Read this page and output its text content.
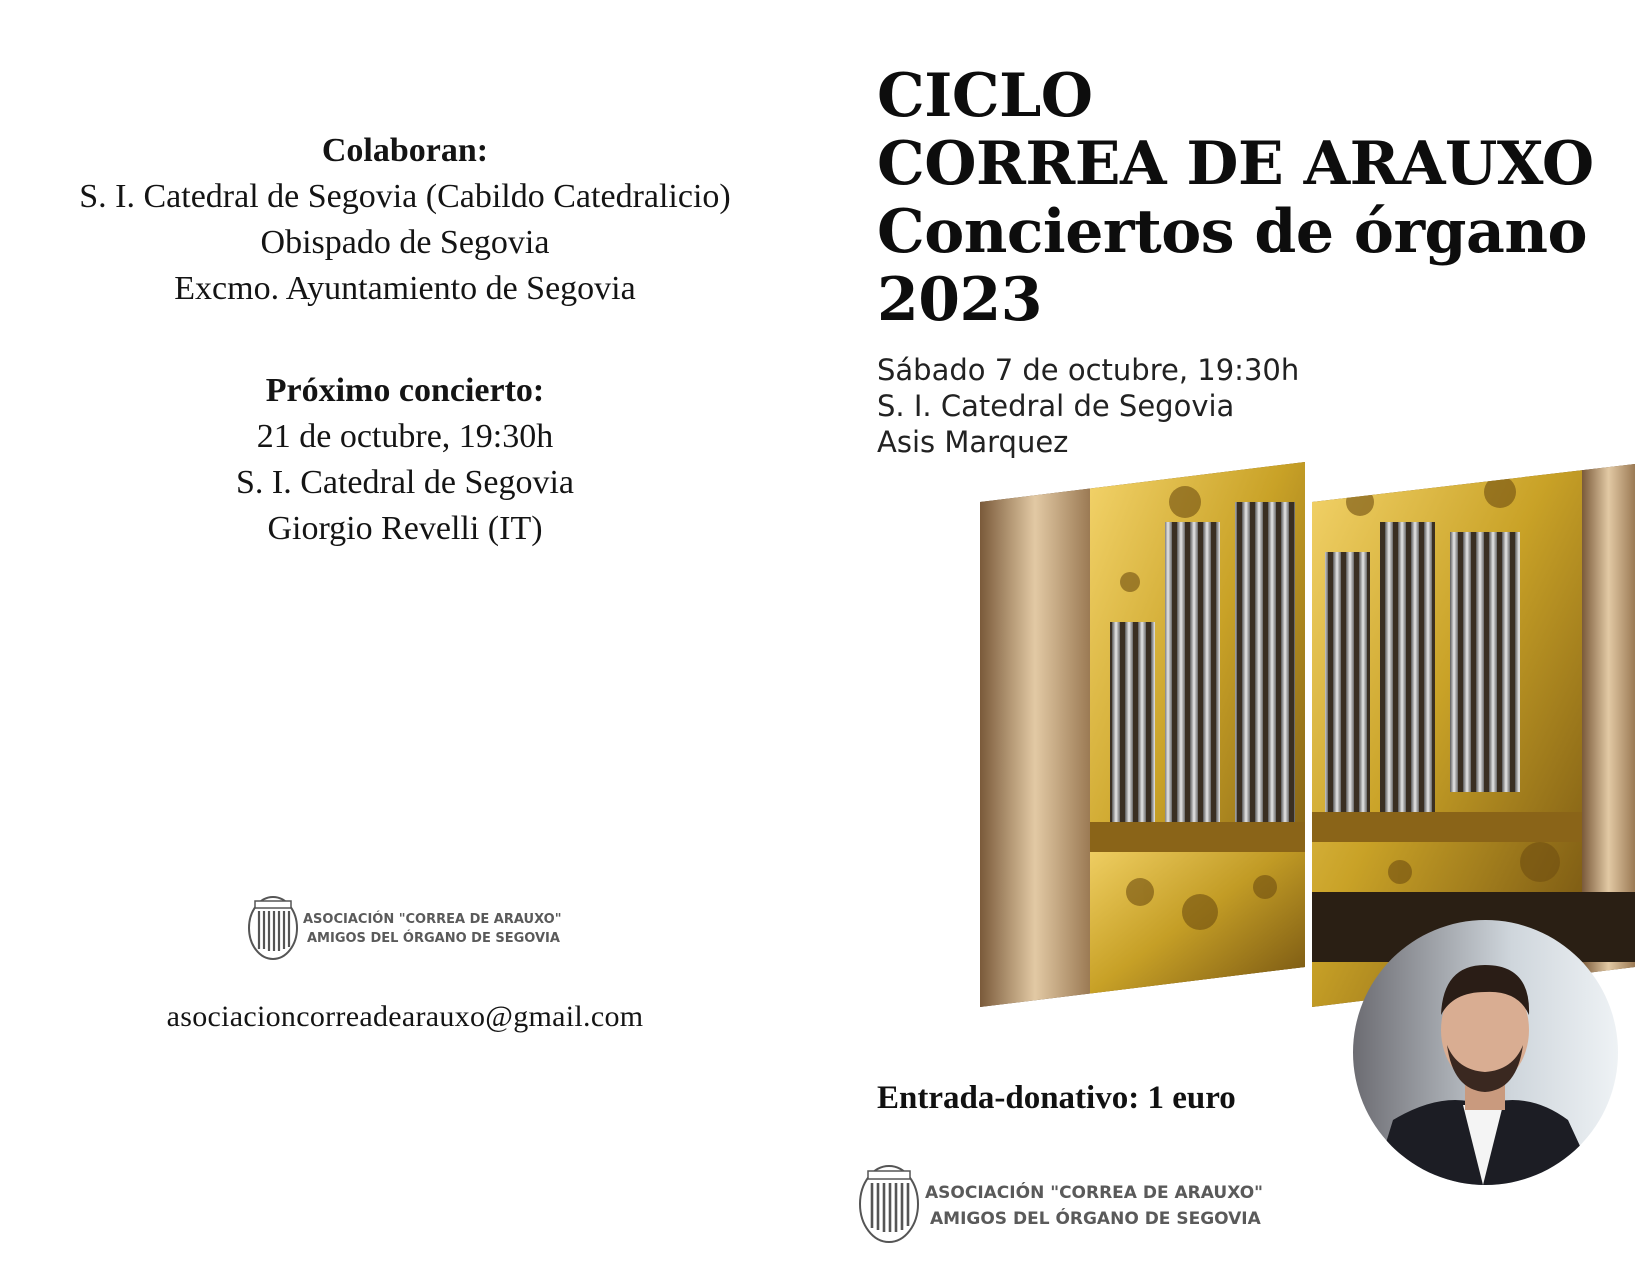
Colaboran:
S. I. Catedral de Segovia (Cabildo Catedralicio)
Obispado de Segovia
Excmo. Ayuntamiento de Segovia
Próximo concierto:
21 de octubre, 19:30h
S. I. Catedral de Segovia
Giorgio Revelli (IT)
ASOCIACIÓN "CORREA DE ARAUXO"
AMIGOS DEL ÓRGANO DE SEGOVIA
asociacioncorreadearauxo@gmail.com
CICLO
CORREA DE ARAUXO
Conciertos de órgano
2023
Sábado 7 de octubre, 19:30h
S. I. Catedral de Segovia
Asis Marquez
Entrada-donativo: 1 euro
ASOCIACIÓN "CORREA DE ARAUXO"
AMIGOS DEL ÓRGANO DE SEGOVIA
